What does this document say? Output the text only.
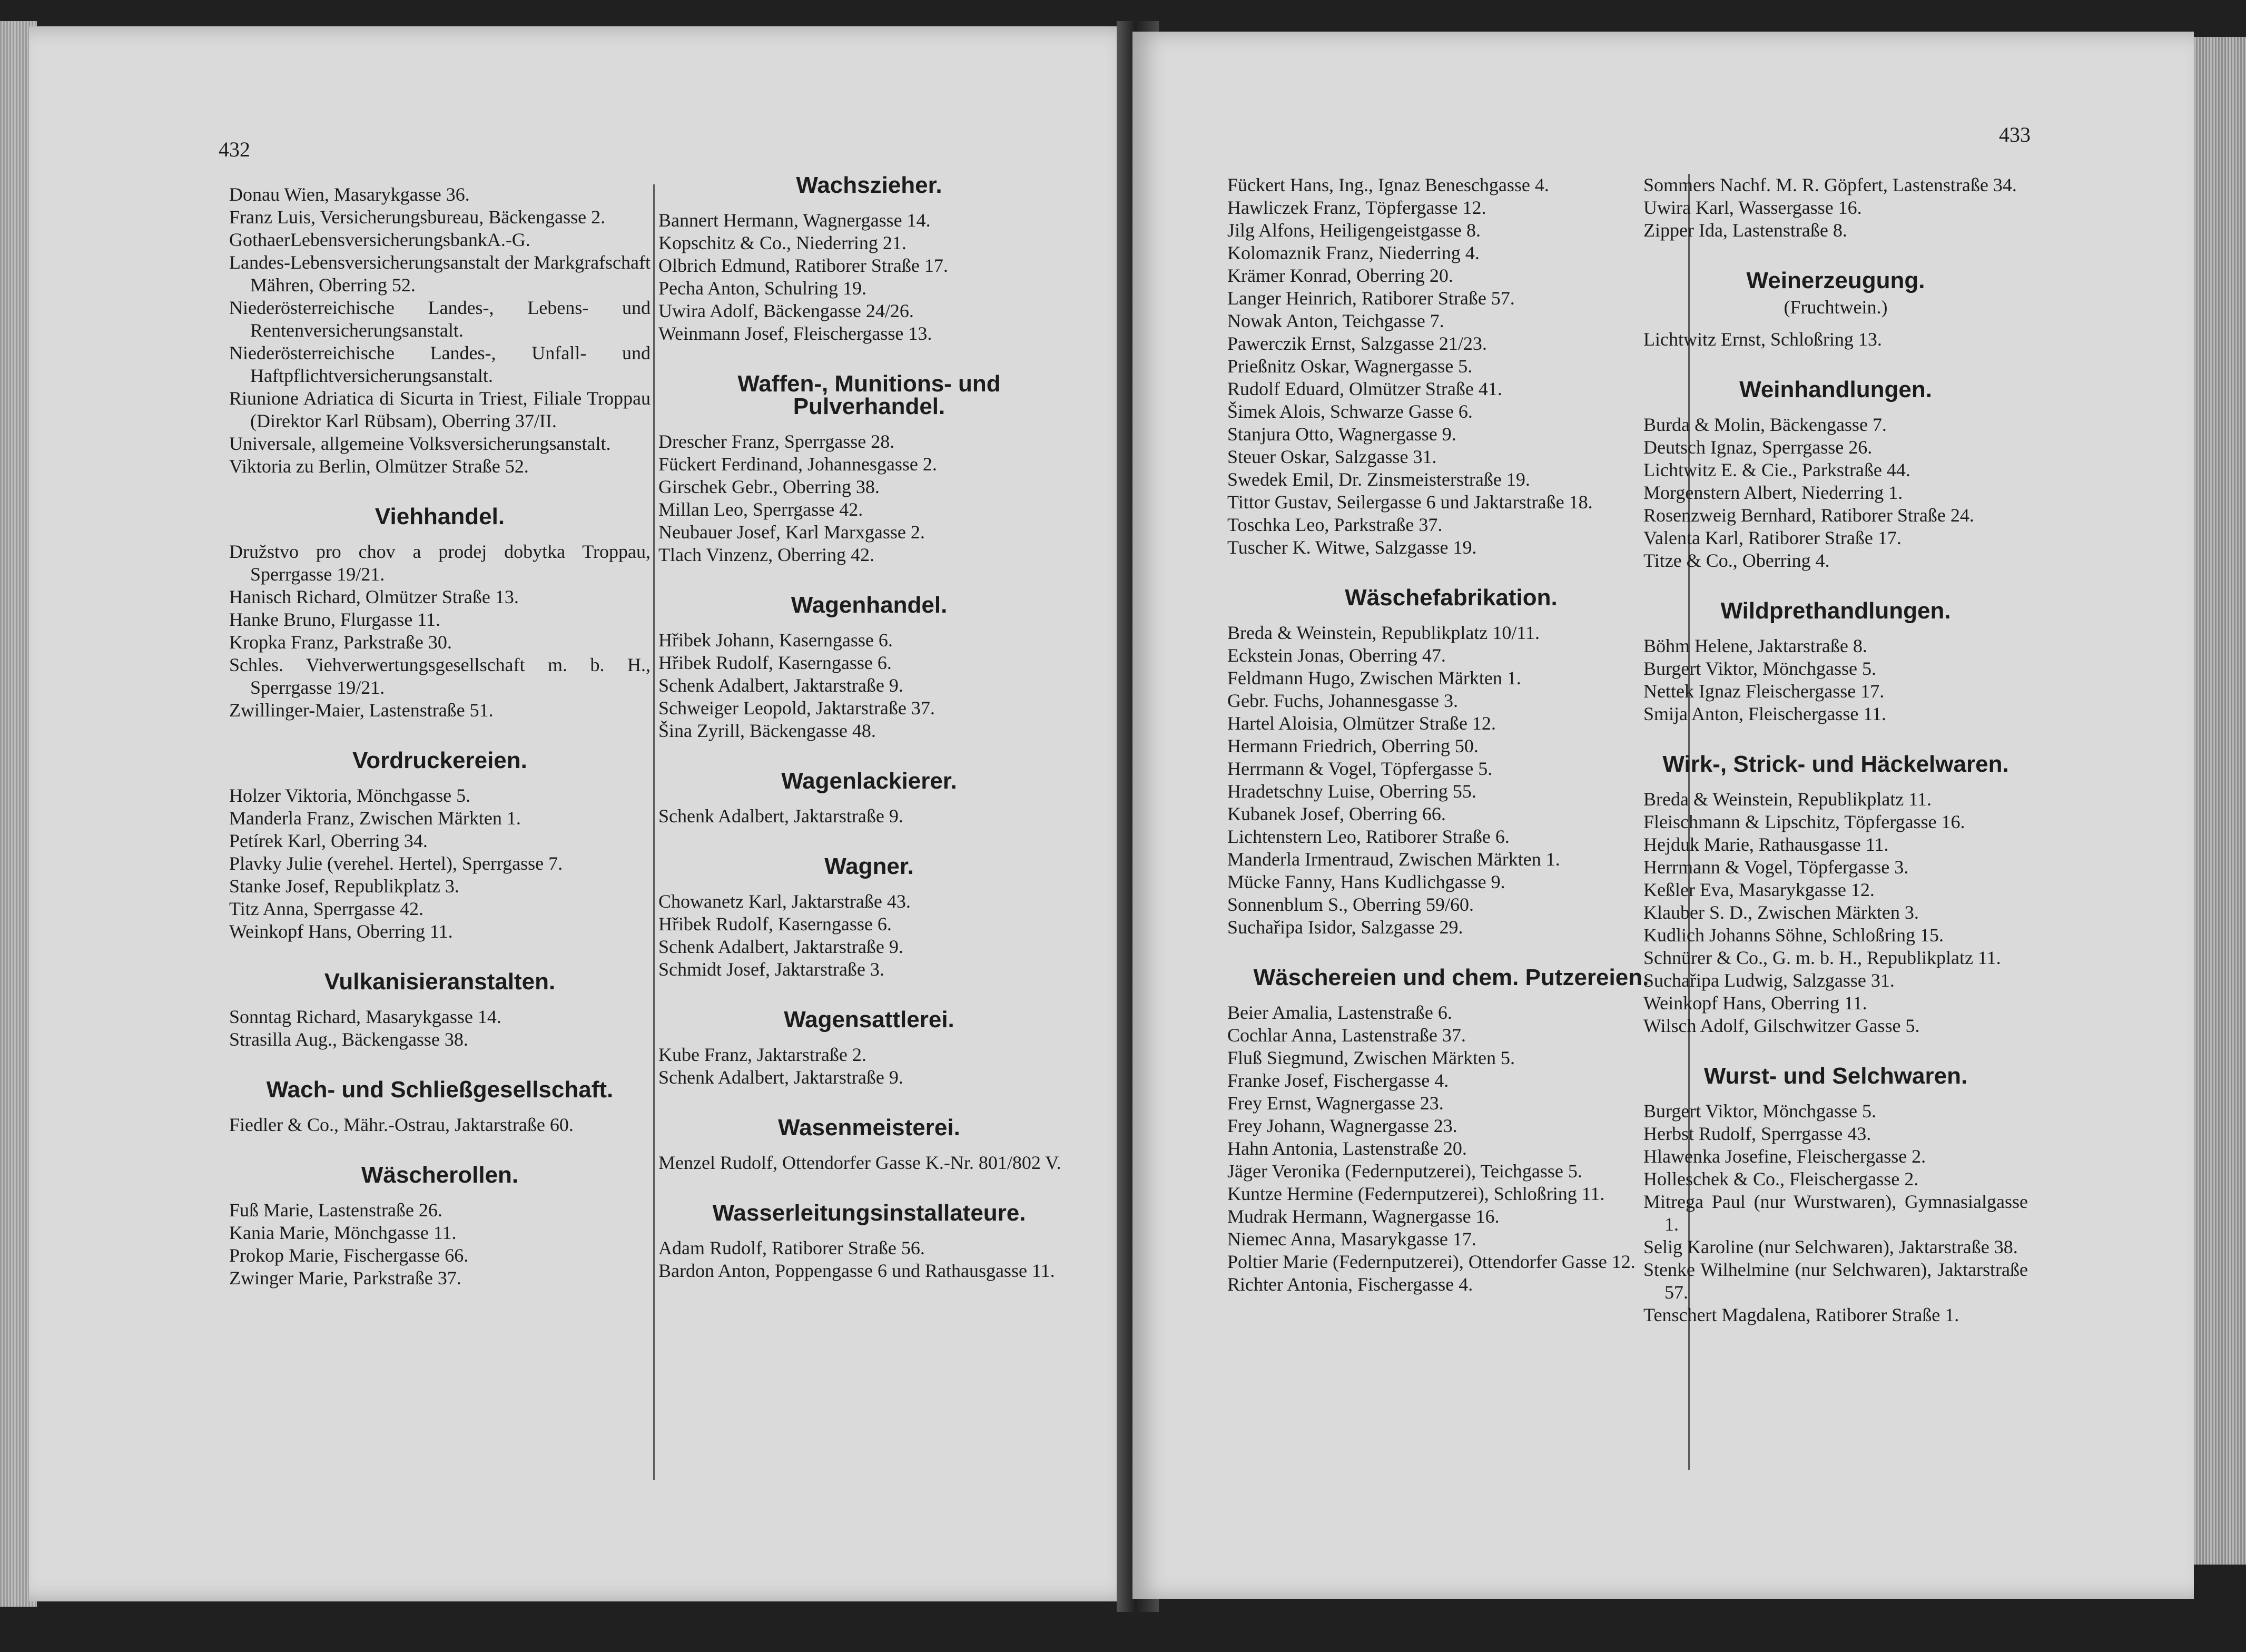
432
Donau Wien, Masarykgasse 36.
Franz Luis, Versicherungsbureau, Bäckengasse 2.
GothaerLebensversicherungsbankA.-G.
Landes-Lebensversicherungsanstalt der Markgrafschaft Mähren, Oberring 52.
Niederösterreichische Landes-, Lebens- und Rentenversicherungsanstalt.
Niederösterreichische Landes-, Unfall- und Haftpflichtversicherungsanstalt.
Riunione Adriatica di Sicurta in Triest, Filiale Troppau (Direktor Karl Rübsam), Oberring 37/II.
Universale, allgemeine Volksversicherungsanstalt.
Viktoria zu Berlin, Olmützer Straße 52.
Viehhandel.
Družstvo pro chov a prodej dobytka Troppau, Sperrgasse 19/21.
Hanisch Richard, Olmützer Straße 13.
Hanke Bruno, Flurgasse 11.
Kropka Franz, Parkstraße 30.
Schles. Viehverwertungsgesellschaft m. b. H., Sperrgasse 19/21.
Zwillinger-Maier, Lastenstraße 51.
Vordruckereien.
Holzer Viktoria, Mönchgasse 5.
Manderla Franz, Zwischen Märkten 1.
Petírek Karl, Oberring 34.
Plavky Julie (verehel. Hertel), Sperrgasse 7.
Stanke Josef, Republikplatz 3.
Titz Anna, Sperrgasse 42.
Weinkopf Hans, Oberring 11.
Vulkanisieranstalten.
Sonntag Richard, Masarykgasse 14.
Strasilla Aug., Bäckengasse 38.
Wach- und Schließgesellschaft.
Fiedler & Co., Mähr.-Ostrau, Jaktarstraße 60.
Wäscherollen.
Fuß Marie, Lastenstraße 26.
Kania Marie, Mönchgasse 11.
Prokop Marie, Fischergasse 66.
Zwinger Marie, Parkstraße 37.
Wachszieher.
Bannert Hermann, Wagnergasse 14.
Kopschitz & Co., Niederring 21.
Olbrich Edmund, Ratiborer Straße 17.
Pecha Anton, Schulring 19.
Uwira Adolf, Bäckengasse 24/26.
Weinmann Josef, Fleischergasse 13.
Waffen-, Munitions- und Pulverhandel.
Drescher Franz, Sperrgasse 28.
Fückert Ferdinand, Johannesgasse 2.
Girschek Gebr., Oberring 38.
Millan Leo, Sperrgasse 42.
Neubauer Josef, Karl Marxgasse 2.
Tlach Vinzenz, Oberring 42.
Wagenhandel.
Hřibek Johann, Kaserngasse 6.
Hřibek Rudolf, Kaserngasse 6.
Schenk Adalbert, Jaktarstraße 9.
Schweiger Leopold, Jaktarstraße 37.
Šina Zyrill, Bäckengasse 48.
Wagenlackierer.
Schenk Adalbert, Jaktarstraße 9.
Wagner.
Chowanetz Karl, Jaktarstraße 43.
Hřibek Rudolf, Kaserngasse 6.
Schenk Adalbert, Jaktarstraße 9.
Schmidt Josef, Jaktarstraße 3.
Wagensattlerei.
Kube Franz, Jaktarstraße 2.
Schenk Adalbert, Jaktarstraße 9.
Wasenmeisterei.
Menzel Rudolf, Ottendorfer Gasse K.-Nr. 801/802 V.
Wasserleitungsinstallateure.
Adam Rudolf, Ratiborer Straße 56.
Bardon Anton, Poppengasse 6 und Rathausgasse 11.
433
Fückert Hans, Ing., Ignaz Beneschgasse 4.
Hawliczek Franz, Töpfergasse 12.
Jilg Alfons, Heiligengeistgasse 8.
Kolomaznik Franz, Niederring 4.
Krämer Konrad, Oberring 20.
Langer Heinrich, Ratiborer Straße 57.
Nowak Anton, Teichgasse 7.
Pawerczik Ernst, Salzgasse 21/23.
Prießnitz Oskar, Wagnergasse 5.
Rudolf Eduard, Olmützer Straße 41.
Šimek Alois, Schwarze Gasse 6.
Stanjura Otto, Wagnergasse 9.
Steuer Oskar, Salzgasse 31.
Swedek Emil, Dr. Zinsmeisterstraße 19.
Tittor Gustav, Seilergasse 6 und Jaktarstraße 18.
Toschka Leo, Parkstraße 37.
Tuscher K. Witwe, Salzgasse 19.
Wäschefabrikation.
Breda & Weinstein, Republikplatz 10/11.
Eckstein Jonas, Oberring 47.
Feldmann Hugo, Zwischen Märkten 1.
Gebr. Fuchs, Johannesgasse 3.
Hartel Aloisia, Olmützer Straße 12.
Hermann Friedrich, Oberring 50.
Herrmann & Vogel, Töpfergasse 5.
Hradetschny Luise, Oberring 55.
Kubanek Josef, Oberring 66.
Lichtenstern Leo, Ratiborer Straße 6.
Manderla Irmentraud, Zwischen Märkten 1.
Mücke Fanny, Hans Kudlichgasse 9.
Sonnenblum S., Oberring 59/60.
Suchařipa Isidor, Salzgasse 29.
Wäschereien und chem. Putzereien.
Beier Amalia, Lastenstraße 6.
Cochlar Anna, Lastenstraße 37.
Fluß Siegmund, Zwischen Märkten 5.
Franke Josef, Fischergasse 4.
Frey Ernst, Wagnergasse 23.
Frey Johann, Wagnergasse 23.
Hahn Antonia, Lastenstraße 20.
Jäger Veronika (Federnputzerei), Teichgasse 5.
Kuntze Hermine (Federnputzerei), Schloßring 11.
Mudrak Hermann, Wagnergasse 16.
Niemec Anna, Masarykgasse 17.
Poltier Marie (Federnputzerei), Ottendorfer Gasse 12.
Richter Antonia, Fischergasse 4.
Sommers Nachf. M. R. Göpfert, Lastenstraße 34.
Uwira Karl, Wassergasse 16.
Zipper Ida, Lastenstraße 8.
Weinerzeugung.
(Fruchtwein.)
Lichtwitz Ernst, Schloßring 13.
Weinhandlungen.
Burda & Molin, Bäckengasse 7.
Deutsch Ignaz, Sperrgasse 26.
Lichtwitz E. & Cie., Parkstraße 44.
Morgenstern Albert, Niederring 1.
Rosenzweig Bernhard, Ratiborer Straße 24.
Valenta Karl, Ratiborer Straße 17.
Titze & Co., Oberring 4.
Wildprethandlungen.
Böhm Helene, Jaktarstraße 8.
Burgert Viktor, Mönchgasse 5.
Nettek Ignaz Fleischergasse 17.
Smija Anton, Fleischergasse 11.
Wirk-, Strick- und Häckelwaren.
Breda & Weinstein, Republikplatz 11.
Fleischmann & Lipschitz, Töpfergasse 16.
Hejduk Marie, Rathausgasse 11.
Herrmann & Vogel, Töpfergasse 3.
Keßler Eva, Masarykgasse 12.
Klauber S. D., Zwischen Märkten 3.
Kudlich Johanns Söhne, Schloßring 15.
Schnürer & Co., G. m. b. H., Republikplatz 11.
Suchařipa Ludwig, Salzgasse 31.
Weinkopf Hans, Oberring 11.
Wilsch Adolf, Gilschwitzer Gasse 5.
Wurst- und Selchwaren.
Burgert Viktor, Mönchgasse 5.
Herbst Rudolf, Sperrgasse 43.
Hlawenka Josefine, Fleischergasse 2.
Holleschek & Co., Fleischergasse 2.
Mitrega Paul (nur Wurstwaren), Gymnasialgasse 1.
Selig Karoline (nur Selchwaren), Jaktarstraße 38.
Stenke Wilhelmine (nur Selchwaren), Jaktarstraße 57.
Tenschert Magdalena, Ratiborer Straße 1.
